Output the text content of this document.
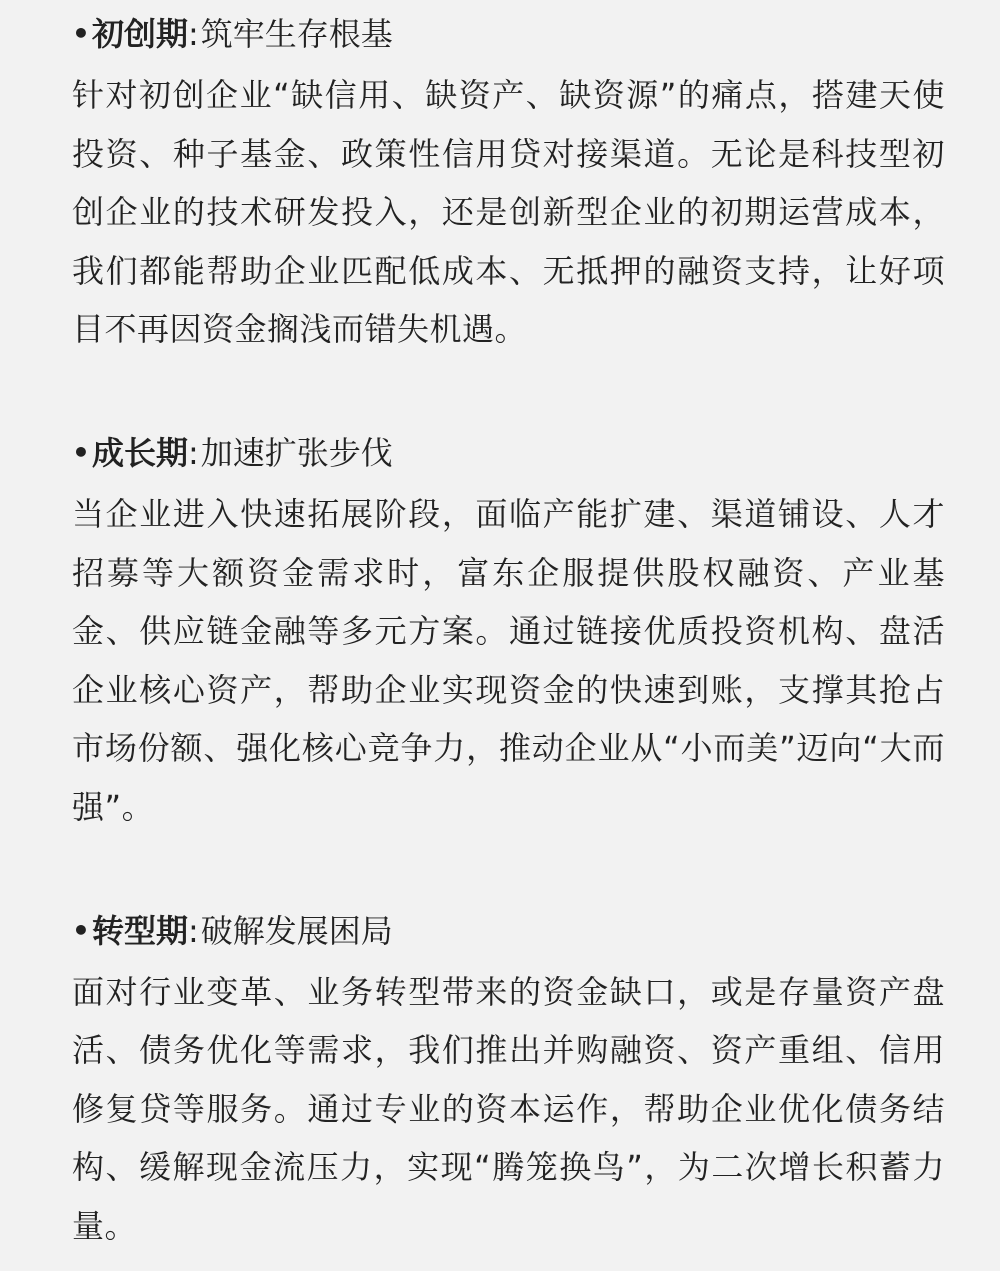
• 初创期 : 筑牢生存根基

针对初创企业“缺信用、缺资产、缺资源”的痛点，搭建天使投资、种子基金、政策性信用贷对接渠道。无论是科技型初创企业的技术研发投入，还是创新型企业的初期运营成本，我们都能帮助企业匹配低成本、无抵押的融资支持，让好项目不再因资金搁浅而错失机遇。

• 成长期 : 加速扩张步伐

当企业进入快速拓展阶段，面临产能扩建、渠道铺设、人才招募等大额资金需求时，富东企服提供股权融资、产业基金、供应链金融等多元方案。通过链接优质投资机构、盘活企业核心资产，帮助企业实现资金的快速到账，支撑其抢占市场份额、强化核心竞争力，推动企业从“小而美”迈向“大而强”。

• 转型期 : 破解发展困局

面对行业变革、业务转型带来的资金缺口，或是存量资产盘活、债务优化等需求，我们推出并购融资、资产重组、信用修复贷等服务。通过专业的资本运作，帮助企业优化债务结构、缓解现金流压力，实现“腾笼换鸟”，为二次增长积蓄力量。
